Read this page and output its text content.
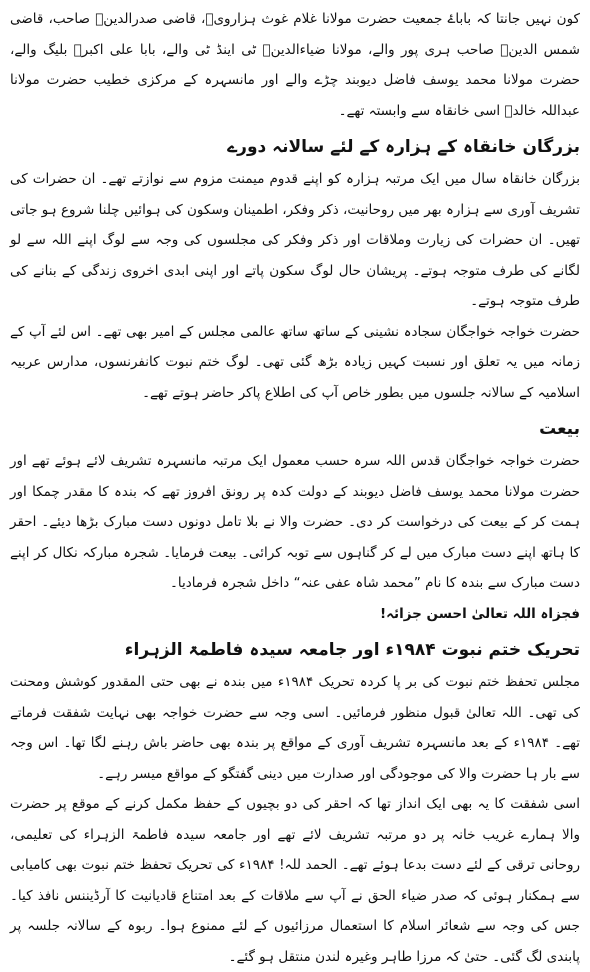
کون نہیں جانتا کہ باباۓ جمعیت حضرت مولانا غلام غوث ہزارویؒ، قاضی صدرالدینؒ صاحب، قاضی شمس الدینؒ صاحب ہری پور والے، مولانا ضیاءالدینؒ ٹی اینڈ ٹی والے، بابا علی اکبرؒ بلیگ والے، حضرت مولانا محمد یوسف فاضل دیوبند چڑے والے اور مانسہرہ کے مرکزی خطیب حضرت مولانا عبداللہ خالدؒ اسی خانقاہ سے وابستہ تھے۔

بزرگان خانقاہ کے ہزارہ کے لئے سالانہ دورے

بزرگان خانقاہ سال میں ایک مرتبہ ہزارہ کو اپنے قدوم میمنت مزوم سے نوازتے تھے۔ ان حضرات کی تشریف آوری سے ہزارہ بھر میں روحانیت، ذکر وفکر، اطمینان وسکون کی ہوائیں چلنا شروع ہو جاتی تھیں۔ ان حضرات کی زیارت وملاقات اور ذکر وفکر کی مجلسوں کی وجہ سے لوگ اپنے اللہ سے لو لگانے کی طرف متوجہ ہوتے۔ پریشان حال لوگ سکون پاتے اور اپنی ابدی اخروی زندگی کے بنانے کی طرف متوجہ ہوتے۔

حضرت خواجہ خواجگان سجادہ نشینی کے ساتھ ساتھ عالمی مجلس کے امیر بھی تھے۔ اس لئے آپ کے زمانہ میں یہ تعلق اور نسبت کہیں زیادہ بڑھ گئی تھی۔ لوگ ختم نبوت کانفرنسوں، مدارس عربیہ اسلامیہ کے سالانہ جلسوں میں بطور خاص آپ کی اطلاع پاکر حاضر ہوتے تھے۔

بیعت

حضرت خواجہ خواجگان قدس اللہ سرہ حسب معمول ایک مرتبہ مانسہرہ تشریف لائے ہوئے تھے اور حضرت مولانا محمد یوسف فاضل دیوبند کے دولت کدہ پر رونق افروز تھے کہ بندہ کا مقدر چمکا اور ہمت کر کے بیعت کی درخواست کر دی۔ حضرت والا نے بلا تامل دونوں دست مبارک بڑھا دیئے۔ احقر کا ہاتھ اپنے دست مبارک میں لے کر گناہوں سے توبہ کرائی۔ بیعت فرمایا۔ شجرہ مبارکہ نکال کر اپنے دست مبارک سے بندہ کا نام ”محمد شاہ عفی عنہ“ داخل شجرہ فرمادیا۔

فجزاہ اللہ تعالیٰ احسن جزائہ!

تحریک ختم نبوت ۱۹۸۴ء اور جامعہ سیدہ فاطمۃ الزہراء

مجلس تحفظ ختم نبوت کی بر پا کردہ تحریک ۱۹۸۴ء میں بندہ نے بھی حتی المقدور کوشش ومحنت کی تھی۔ اللہ تعالیٰ قبول منظور فرمائیں۔ اسی وجہ سے حضرت خواجہ بھی نہایت شفقت فرماتے تھے۔ ۱۹۸۴ء کے بعد مانسہرہ تشریف آوری کے مواقع پر بندہ بھی حاضر باش رہنے لگا تھا۔ اس وجہ سے بار ہا حضرت والا کی موجودگی اور صدارت میں دینی گفتگو کے مواقع میسر رہے۔

اسی شفقت کا یہ بھی ایک انداز تھا کہ احقر کی دو بچیوں کے حفظ مکمل کرنے کے موقع پر حضرت والا ہمارے غریب خانہ پر دو مرتبہ تشریف لائے تھے اور جامعہ سیدہ فاطمۃ الزہراء کی تعلیمی، روحانی ترقی کے لئے دست بدعا ہوئے تھے۔ الحمد للہ! ۱۹۸۴ء کی تحریک تحفظ ختم نبوت بھی کامیابی سے ہمکنار ہوئی کہ صدر ضیاء الحق نے آپ سے ملاقات کے بعد امتناع قادیانیت کا آرڈیننس نافذ کیا۔ جس کی وجہ سے شعائر اسلام کا استعمال مرزائیوں کے لئے ممنوع ہوا۔ ربوہ کے سالانہ جلسہ پر پابندی لگ گئی۔ حتیٰ کہ مرزا طاہر وغیرہ لندن منتقل ہو گئے۔
